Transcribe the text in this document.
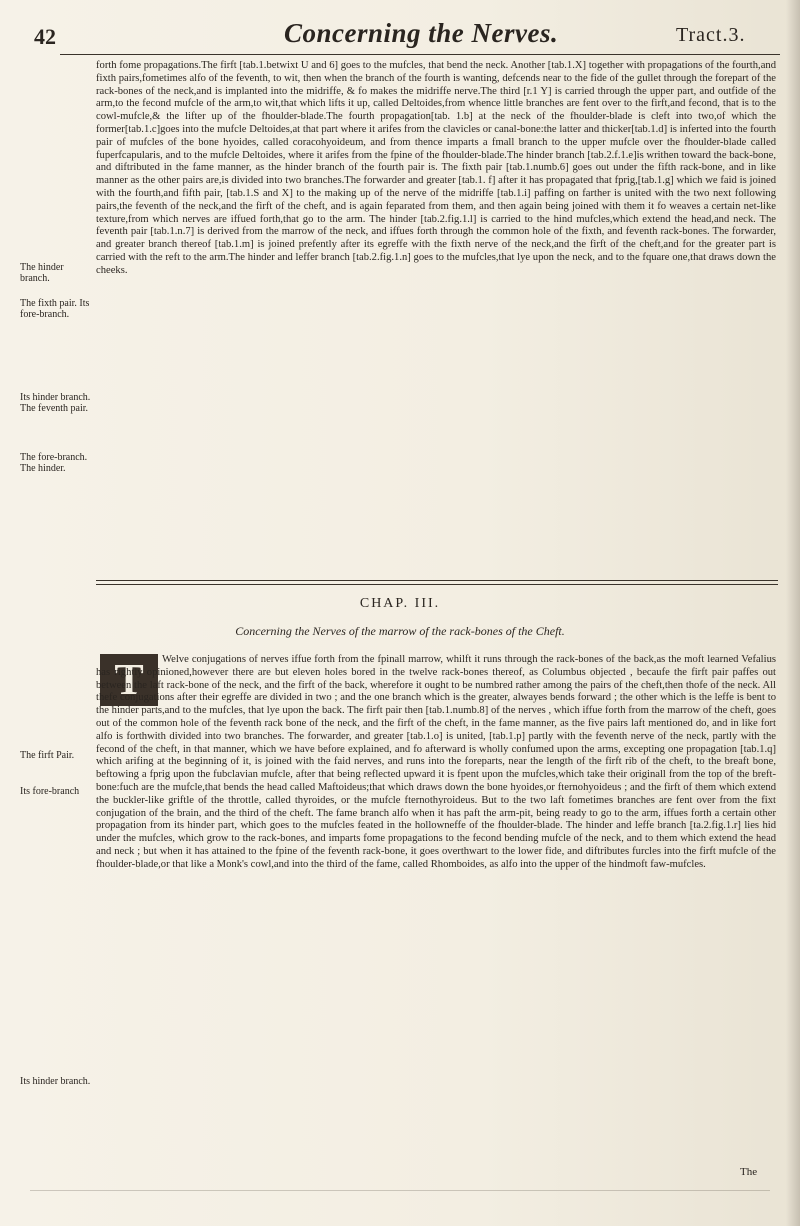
42	Concerning the Nerves.	Tract.3.
The hinder branch.
The fixth pair. Its fore-branch.
Its hinder branch. The feventh pair.
The fore-branch. The hinder.
The firft Pair.
Its fore-branch
Its hinder branch.
forth fome propagations.The firft [tab.1.betwixt U and 6] goes to the mufcles, that bend the neck. Another [tab.1.X] together with propagations of the fourth,and fixth pairs,fometimes alfo of the feventh, to wit, then when the branch of the fourth is wanting, defcends near to the fide of the gullet through the forepart of the rack-bones of the neck,and is implanted into the midriffe, & fo makes the midriffe nerve.The third [r.1 Y] is carried through the upper part, and outfide of the arm,to the fecond mufcle of the arm,to wit,that which lifts it up, called Deltoides,from whence little branches are fent over to the firft,and fecond, that is to the cowl-mufcle,& the lifter up of the fhoulder-blade.The fourth propagation[tab. 1.b] at the neck of the fhoulder-blade is cleft into two,of which the former[tab.1.c]goes into the mufcle Deltoides,at that part where it arifes from the clavicles or canal-bone:the latter and thicker[tab.1.d] is inferted into the fourth pair of mufcles of the bone hyoides, called coracohyoideum, and from thence imparts a fmall branch to the upper mufcle over the fhoulder-blade called fuperfcapularis, and to the mufcle Deltoides, where it arifes from the fpine of the fhoulder-blade.The hinder branch [tab.2.f.1.e]is writhen toward the back-bone, and diftributed in the fame manner, as the hinder branch of the fourth pair is. The fixth pair [tab.1.numb.6] goes out under the fifth rack-bone, and in like manner as the other pairs are,is divided into two branches.The forwarder and greater [tab.1. f] after it has propagated that fprig,[tab.1.g] which we faid is joined with the fourth,and fifth pair, [tab.1.S and X] to the making up of the nerve of the midriffe [tab.1.i] paffing on farther is united with the two next following pairs,the feventh of the neck,and the firft of the cheft, and is again feparated from them, and then again being joined with them it fo weaves a certain net-like texture,from which nerves are iffued forth,that go to the arm. The hinder [tab.2.fig.1.l] is carried to the hind mufcles,which extend the head,and neck. The feventh pair [tab.1.n.7] is derived from the marrow of the neck, and iffues forth through the common hole of the fixth, and feventh rack-bones. The forwarder, and greater branch thereof [tab.1.m] is joined prefently after its egreffe with the fixth nerve of the neck,and the firft of the cheft,and for the greater part is carried with the reft to the arm.The hinder and leffer branch [tab.2.fig.1.n] goes to the mufcles,that lye upon the neck, and to the fquare one,that draws down the cheeks.
CHAP. III.
Concerning the Nerves of the marrow of the rack-bones of the Cheft.
T	Welve conjugations of nerves iffue forth from the fpinall marrow, whilft it runs through the rack-bones of the back,as the moft learned Vefalius has rightly opinioned,however there are but eleven holes bored in the twelve rack-bones thereof, as Columbus objected , becaufe the firft pair paffes out between the laft rack-bone of the neck, and the firft of the back, wherefore it ought to be numbred rather among the pairs of the cheft,then thofe of the neck. All thefe conjugations after their egreffe are divided in two ; and the one branch which is the greater, alwayes bends forward ; the other which is the leffe is bent to the hinder parts,and to the mufcles, that lye upon the back. The firft pair then [tab.1.numb.8] of the nerves , which iffue forth from the marrow of the cheft, goes out of the common hole of the feventh rack bone of the neck, and the firft of the cheft, in the fame manner, as the five pairs laft mentioned do, and in like fort alfo is forthwith divided into two branches. The forwarder, and greater [tab.1.o] is united, [tab.1.p] partly with the feventh nerve of the neck, partly with the fecond of the cheft, in that manner, which we have before explained, and fo afterward is wholly confumed upon the arms, excepting one propagation [tab.1.q] which arifing at the beginning of it, is joined with the faid nerves, and runs into the foreparts, near the length of the firft rib of the cheft, to the breaft bone, beftowing a fprig upon the fubclavian mufcle, after that being reflected upward it is fpent upon the mufcles,which take their originall from the top of the breft-bone:fuch are the mufcle,that bends the head called Maftoideus;that which draws down the bone hyoides,or fternohyoideus ; and the firft of them which extend the buckler-like griftle of the throttle, called thyroides, or the mufcle fternothyroideus. But to the two laft fometimes branches are fent over from the fixt conjugation of the brain, and the third of the cheft. The fame branch alfo when it has paft the arm-pit, being ready to go to the arm, iffues forth a certain other propagation from its hinder part, which goes to the mufcles feated in the hollowneffe of the fhoulder-blade. The hinder and leffe branch [ta.2.fig.1.r] lies hid under the mufcles, which grow to the rack-bones, and imparts fome propagations to the fecond bending mufcle of the neck, and to them which extend the head and neck ; but when it has attained to the fpine of the feventh rack-bone, it goes overthwart to the lower fide, and diftributes furcles into the firft mufcle of the fhoulder-blade,or that like a Monk's cowl,and into the third of the fame, called Rhomboides, as alfo into the upper of the hindmoft faw-mufcles.
The
